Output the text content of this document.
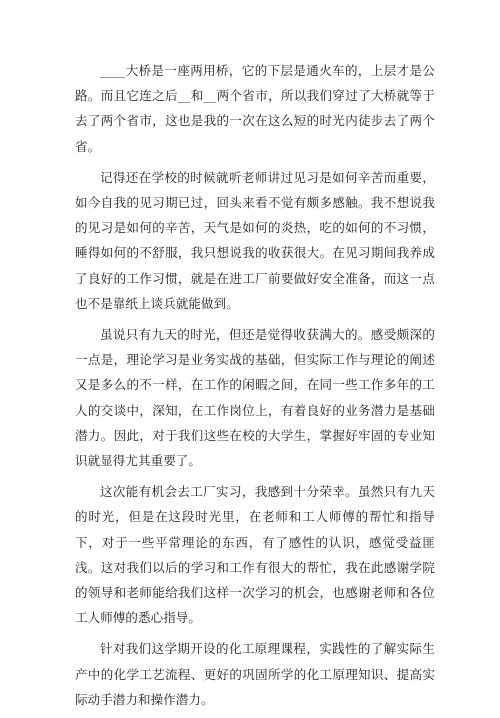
____大桥是一座两用桥，它的下层是通火车的，上层才是公路。而且它连之后__和__两个省市，所以我们穿过了大桥就等于去了两个省市，这也是我的一次在这么短的时光内徒步去了两个省。

记得还在学校的时候就听老师讲过见习是如何辛苦而重要，如今自我的见习期已过，回头来看不觉有颇多感触。我不想说我的见习是如何的辛苦，天气是如何的炎热，吃的如何的不习惯，睡得如何的不舒服，我只想说我的收获很大。在见习期间我养成了良好的工作习惯，就是在进工厂前要做好安全准备，而这一点也不是靠纸上谈兵就能做到。

虽说只有九天的时光，但还是觉得收获满大的。感受颇深的一点是，理论学习是业务实战的基础，但实际工作与理论的阐述又是多么的不一样，在工作的闲暇之间，在同一些工作多年的工人的交谈中，深知，在工作岗位上，有着良好的业务潜力是基础潜力。因此，对于我们这些在校的大学生，掌握好牢固的专业知识就显得尤其重要了。

这次能有机会去工厂实习，我感到十分荣幸。虽然只有九天的时光，但是在这段时光里，在老师和工人师傅的帮忙和指导下，对于一些平常理论的东西，有了感性的认识，感觉受益匪浅。这对我们以后的学习和工作有很大的帮忙，我在此感谢学院的领导和老师能给我们这样一次学习的机会，也感谢老师和各位工人师傅的悉心指导。

针对我们这学期开设的化工原理课程，实践性的了解实际生产中的化学工艺流程、更好的巩固所学的化工原理知识、提高实际动手潜力和操作潜力。
